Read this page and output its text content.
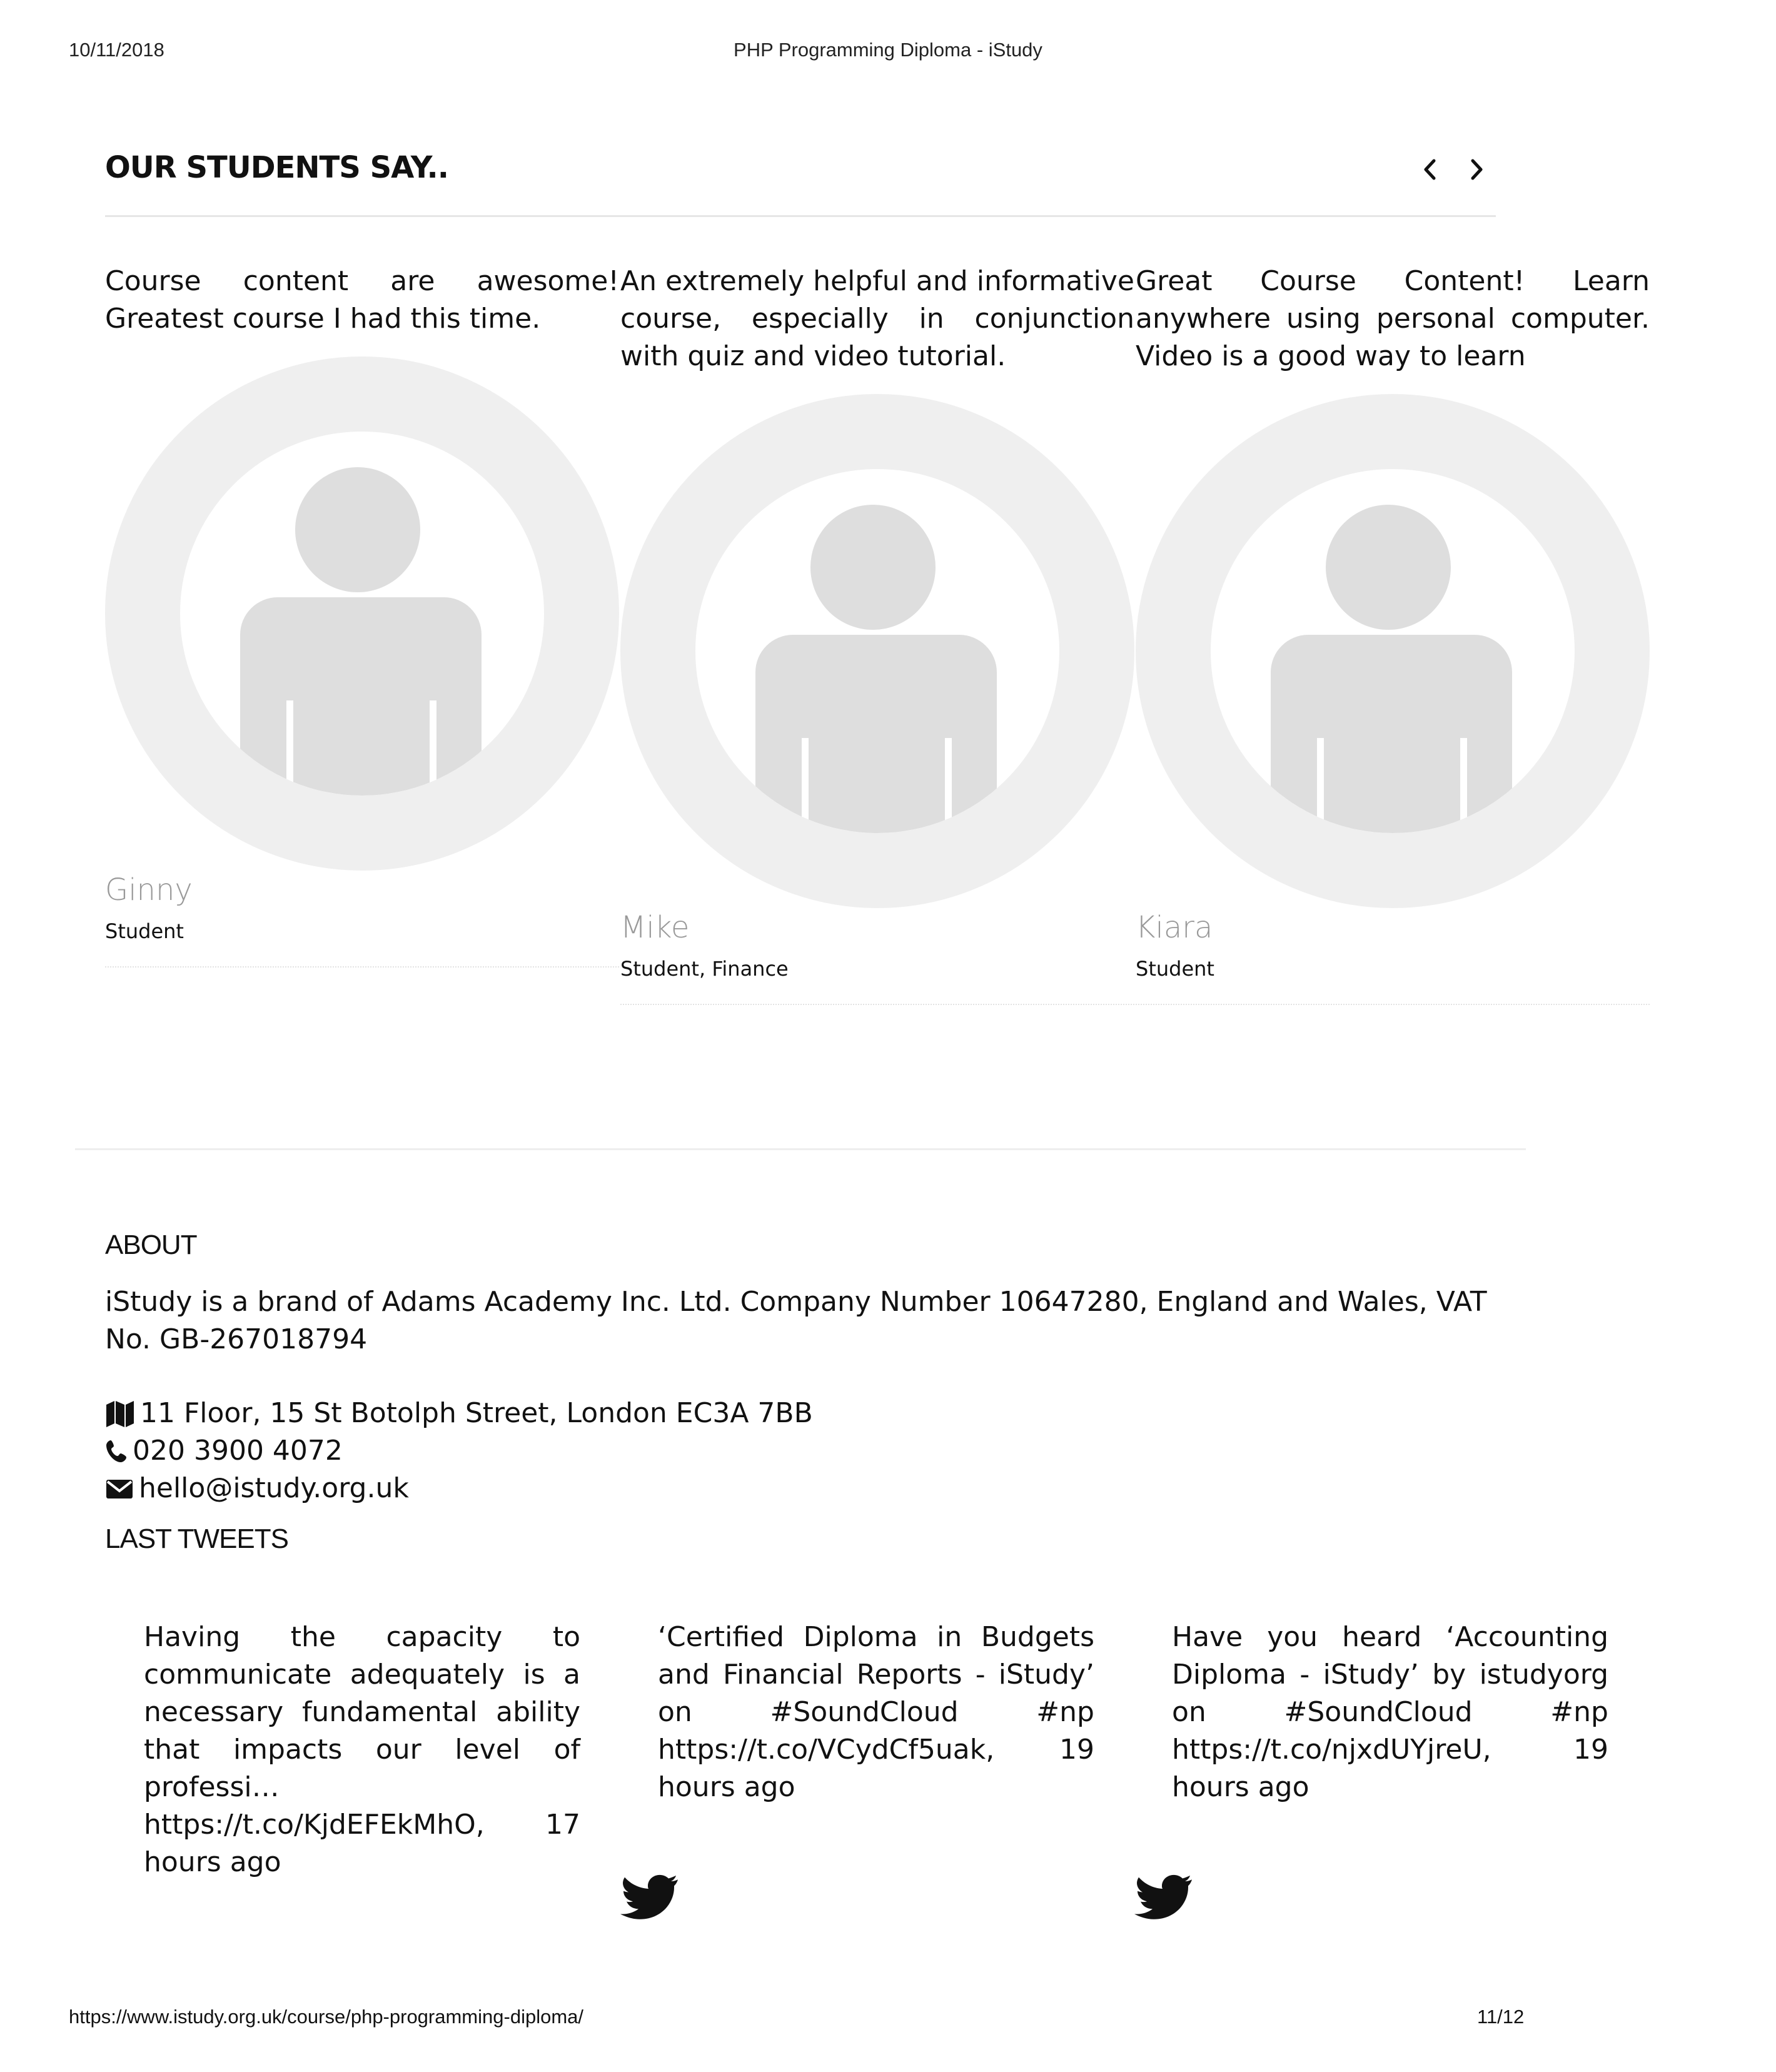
10/11/2018	PHP Programming Diploma - iStudy
OUR STUDENTS SAY..
Course content are awesome! Greatest course I had this time.
Ginny
Student
An extremely helpful and informative course, especially in conjunction with quiz and video tutorial.
Mike
Student, Finance
Great Course Content! Learn anywhere using personal computer. Video is a good way to learn
Kiara
Student
ABOUT
iStudy is a brand of Adams Academy Inc. Ltd. Company Number 10647280, England and Wales, VAT No. GB-267018794
11 Floor, 15 St Botolph Street, London EC3A 7BB
020 3900 4072
hello@istudy.org.uk
LAST TWEETS
Having the capacity to communicate adequately is a necessary fundamental ability that impacts our level of professi… https://t.co/KjdEFEkMhO, 17 hours ago
‘Certified Diploma in Budgets and Financial Reports - iStudy’ on #SoundCloud #np https://t.co/VCydCf5uak, 19 hours ago
Have you heard ‘Accounting Diploma - iStudy’ by istudyorg on #SoundCloud #np https://t.co/njxdUYjreU, 19 hours ago
https://www.istudy.org.uk/course/php-programming-diploma/	11/12
